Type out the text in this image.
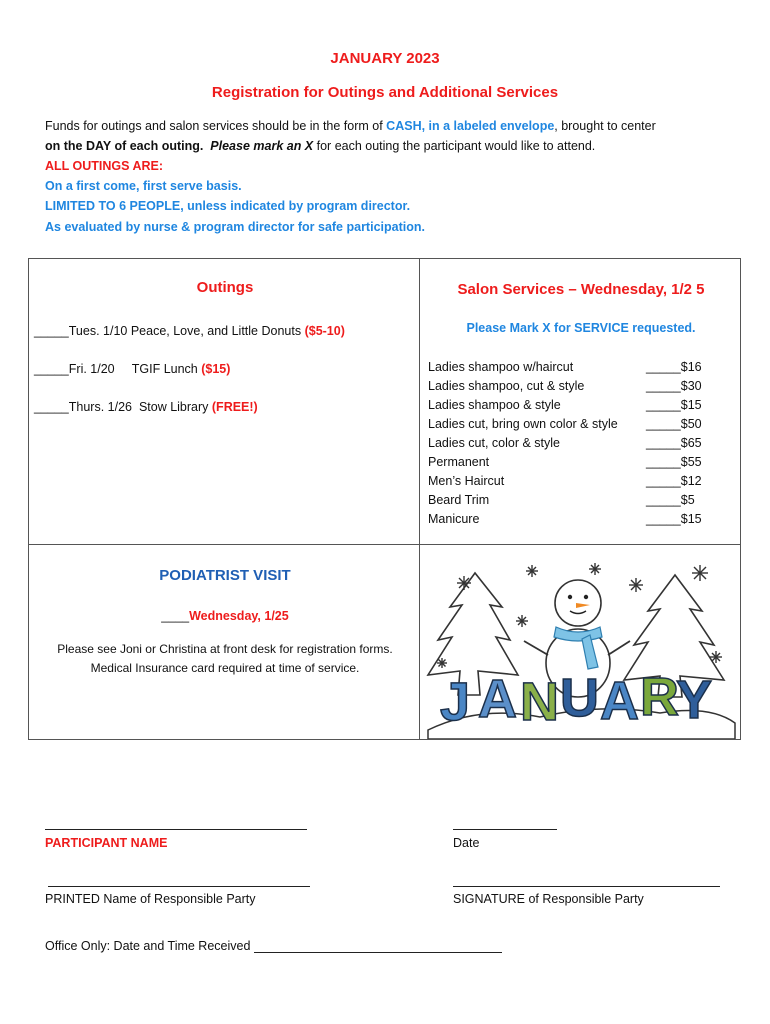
JANUARY 2023
Registration for Outings and Additional Services
Funds for outings and salon services should be in the form of CASH, in a labeled envelope, brought to center
on the DAY of each outing. Please mark an X for each outing the participant would like to attend.
ALL OUTINGS ARE:
On a first come, first serve basis.
LIMITED TO 6 PEOPLE, unless indicated by program director.
As evaluated by nurse & program director for safe participation.
Outings
_____Tues. 1/10 Peace, Love, and Little Donuts ($5-10)
_____Fri. 1/20     TGIF Lunch ($15)
_____Thurs. 1/26  Stow Library (FREE!)
Salon Services – Wednesday, 1/2 5
Please Mark X for SERVICE requested.
Ladies shampoo w/haircut	_____$16
Ladies shampoo, cut & style	_____$30
Ladies shampoo & style	_____$15
Ladies cut, bring own color & style _____$50
Ladies cut, color & style	_____$65
Permanent	_____$55
Men’s Haircut	_____$12
Beard Trim	_____$5
Manicure	_____$15
PODIATRIST VISIT
____Wednesday, 1/25
Please see Joni or Christina at front desk for registration forms.
Medical Insurance card required at time of service.
J A N U A R
Y
PARTICIPANT NAME	Date
PRINTED Name of Responsible Party	SIGNATURE of Responsible Party
Office Only: Date and Time Received
